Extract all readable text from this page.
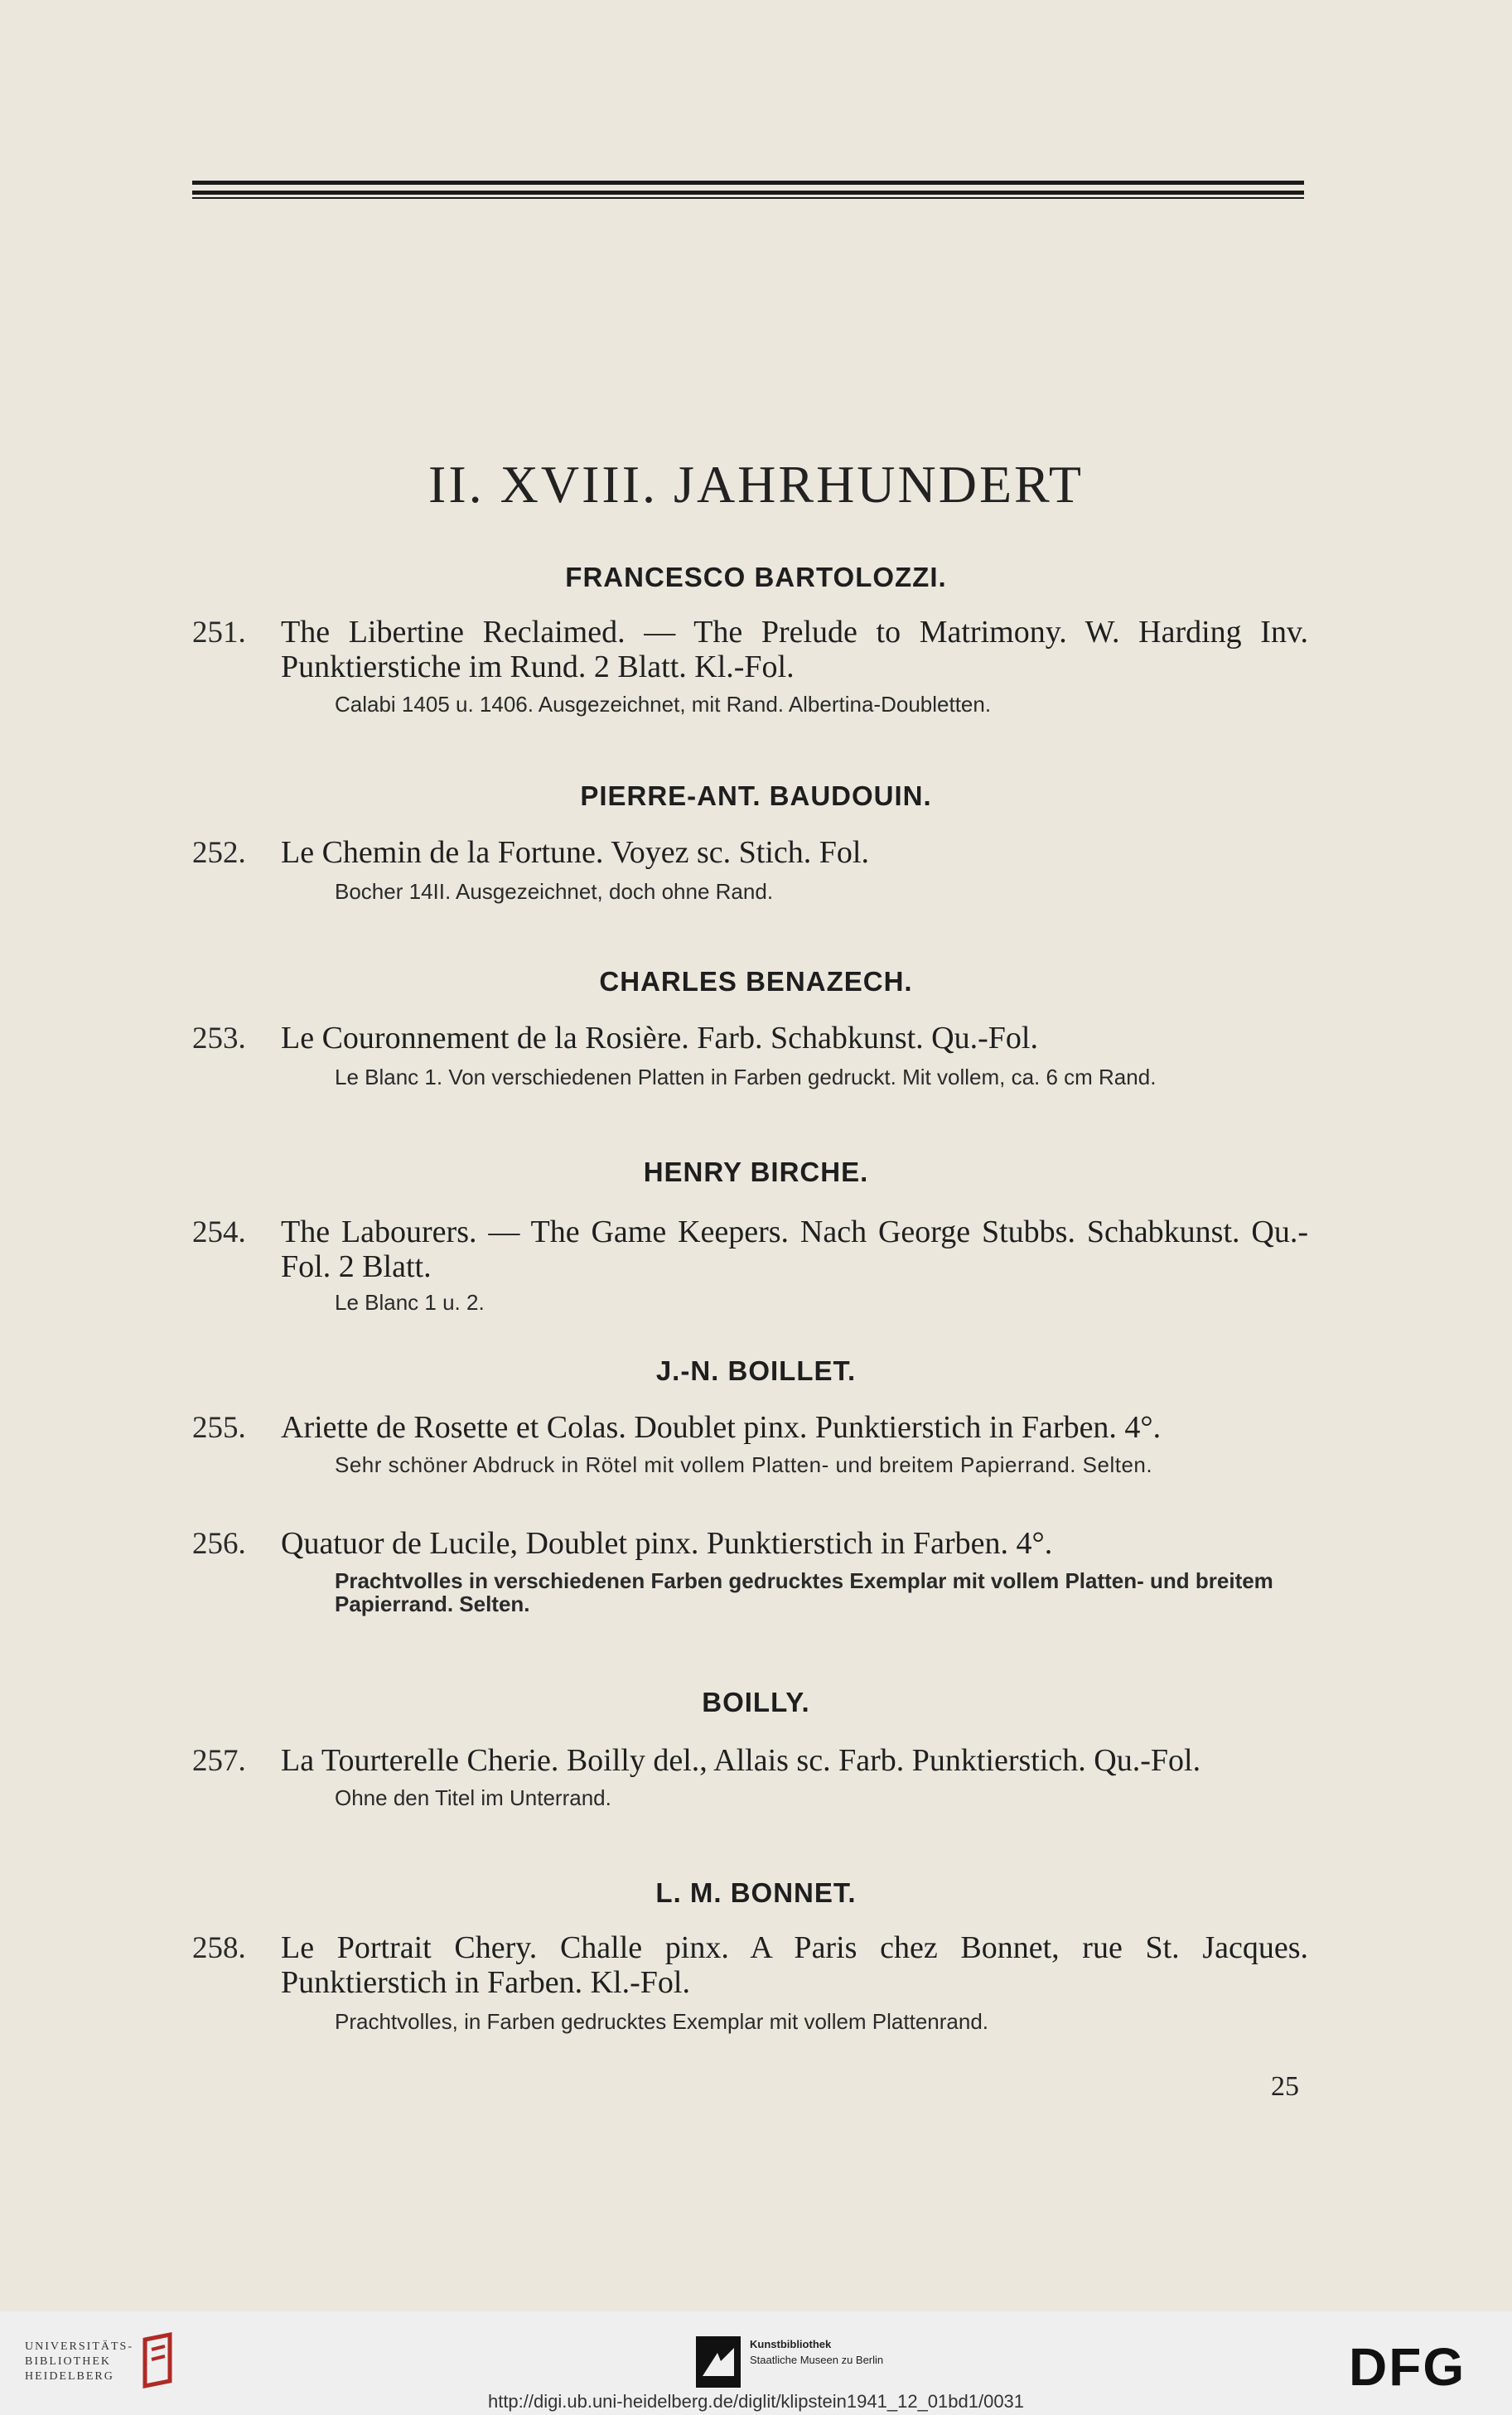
II. XVIII. JAHRHUNDERT
FRANCESCO BARTOLOZZI.
251. The Libertine Reclaimed. — The Prelude to Matrimony. W. Harding Inv. Punktierstiche im Rund. 2 Blatt. Kl.-Fol.
Calabi 1405 u. 1406. Ausgezeichnet, mit Rand. Albertina-Doubletten.
PIERRE-ANT. BAUDOUIN.
252. Le Chemin de la Fortune. Voyez sc. Stich. Fol.
Bocher 14II. Ausgezeichnet, doch ohne Rand.
CHARLES BENAZECH.
253. Le Couronnement de la Rosière. Farb. Schabkunst. Qu.-Fol.
Le Blanc 1. Von verschiedenen Platten in Farben gedruckt. Mit vollem, ca. 6 cm Rand.
HENRY BIRCHE.
254. The Labourers. — The Game Keepers. Nach George Stubbs. Schabkunst. Qu.-Fol. 2 Blatt.
Le Blanc 1 u. 2.
J.-N. BOILLET.
255. Ariette de Rosette et Colas. Doublet pinx. Punktierstich in Farben. 4°.
Sehr schöner Abdruck in Rötel mit vollem Platten- und breitem Papierrand. Selten.
256. Quatuor de Lucile, Doublet pinx. Punktierstich in Farben. 4°.
Prachtvolles in verschiedenen Farben gedrucktes Exemplar mit vollem Platten- und breitem Papierrand. Selten.
BOILLY.
257. La Tourterelle Cherie. Boilly del., Allais sc. Farb. Punktierstich. Qu.-Fol.
Ohne den Titel im Unterrand.
L. M. BONNET.
258. Le Portrait Chery. Challe pinx. A Paris chez Bonnet, rue St. Jacques. Punktierstich in Farben. Kl.-Fol.
Prachtvolles, in Farben gedrucktes Exemplar mit vollem Plattenrand.
25
UNIVERSITÄTS- BIBLIOTHEK HEIDELBERG
Kunstbibliothek
Staatliche Museen zu Berlin	DFG
http://digi.ub.uni-heidelberg.de/diglit/klipstein1941_12_01bd1/0031
